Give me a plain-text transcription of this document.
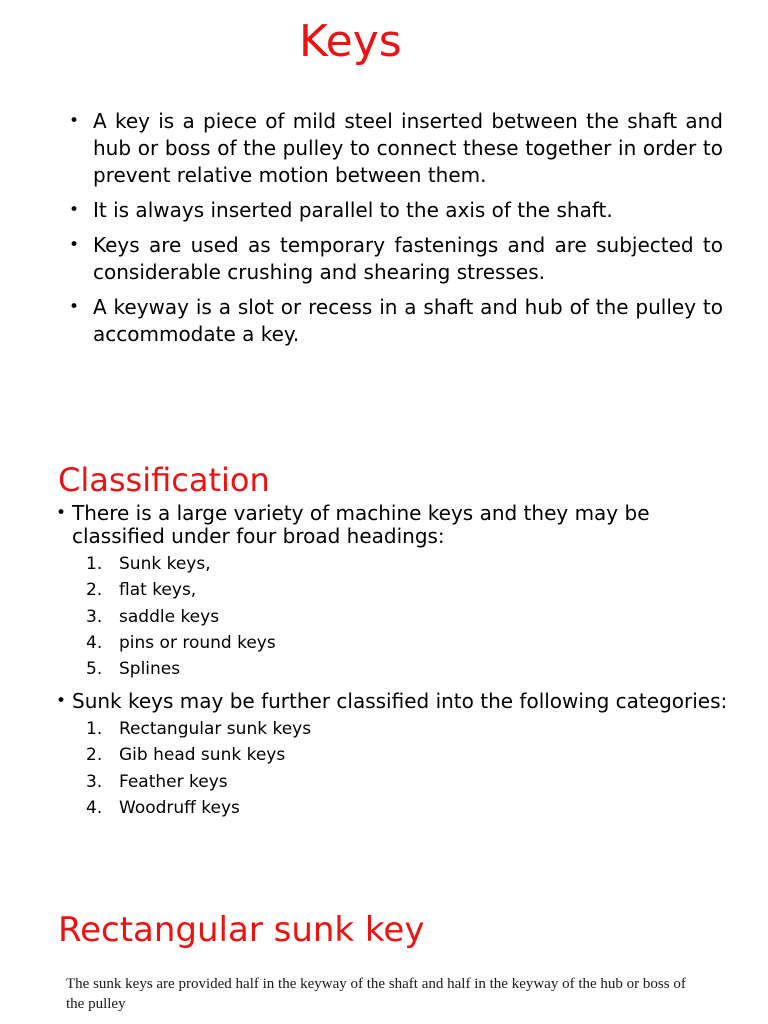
Keys
• A key is a piece of mild steel inserted between the shaft and hub or boss of the pulley to connect these together in order to prevent relative motion between them.
• It is always inserted parallel to the axis of the shaft.
• Keys are used as temporary fastenings and are subjected to considerable crushing and shearing stresses.
• A keyway is a slot or recess in a shaft and hub of the pulley to accommodate a key.
Classification
• There is a large variety of machine keys and they may be classified under four broad headings:
1. Sunk keys,
2. flat keys,
3. saddle keys
4. pins or round keys
5. Splines
• Sunk keys may be further classified into the following categories:
1. Rectangular sunk keys
2. Gib head sunk keys
3. Feather keys
4. Woodruff keys
Rectangular sunk key

The sunk keys are provided half in the keyway of the shaft and half in the keyway of the hub or boss of the pulley
